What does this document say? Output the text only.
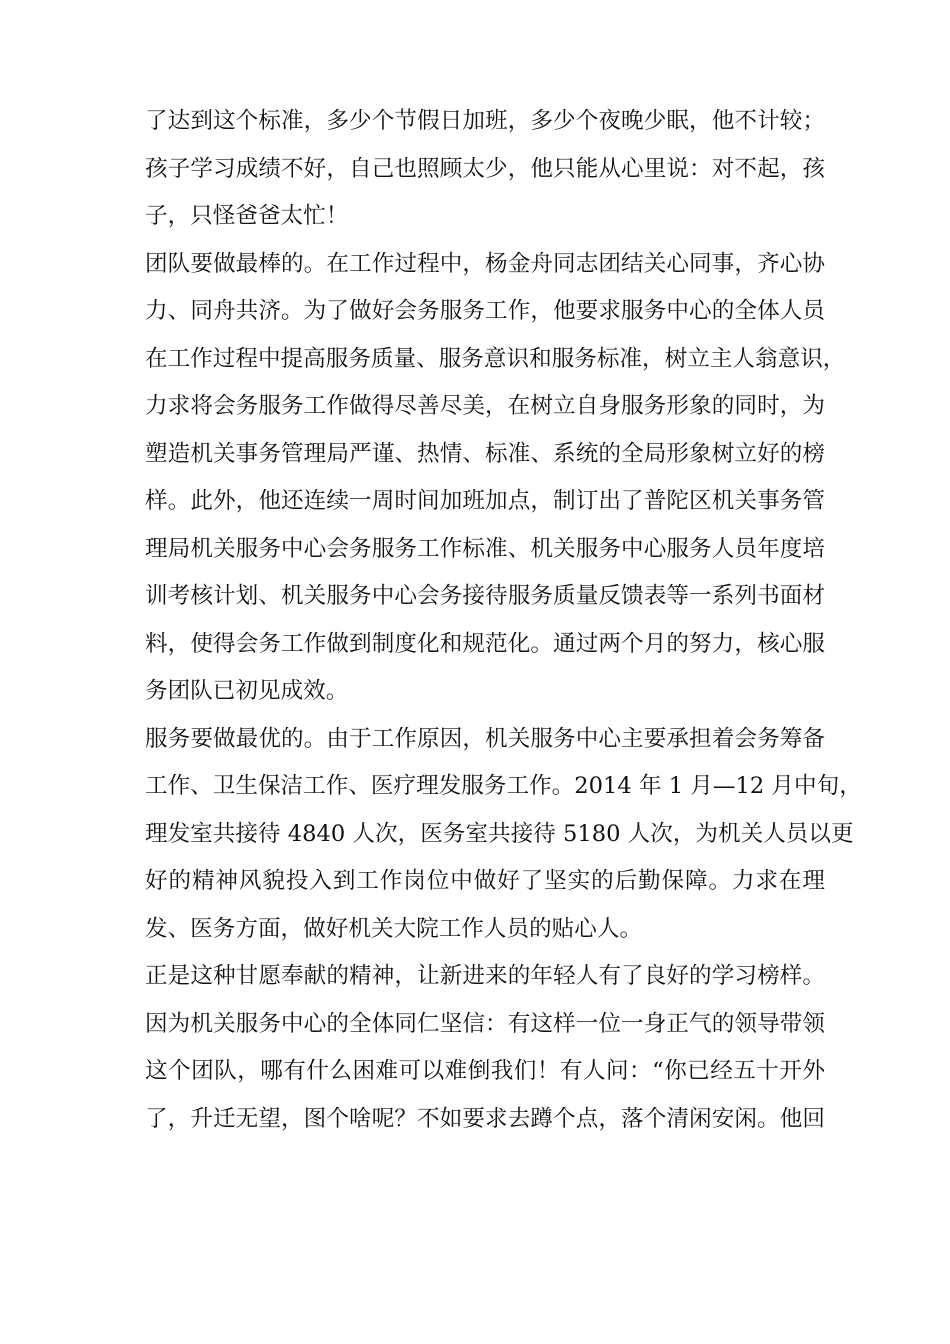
了达到这个标准，多少个节假日加班，多少个夜晚少眠，他不计较；
孩子学习成绩不好，自己也照顾太少，他只能从心里说：对不起，孩
子，只怪爸爸太忙！
团队要做最棒的。在工作过程中，杨金舟同志团结关心同事，齐心协
力、同舟共济。为了做好会务服务工作，他要求服务中心的全体人员
在工作过程中提高服务质量、服务意识和服务标准，树立主人翁意识，
力求将会务服务工作做得尽善尽美，在树立自身服务形象的同时，为
塑造机关事务管理局严谨、热情、标准、系统的全局形象树立好的榜
样。此外，他还连续一周时间加班加点，制订出了普陀区机关事务管
理局机关服务中心会务服务工作标准、机关服务中心服务人员年度培
训考核计划、机关服务中心会务接待服务质量反馈表等一系列书面材
料，使得会务工作做到制度化和规范化。通过两个月的努力，核心服
务团队已初见成效。
服务要做最优的。由于工作原因，机关服务中心主要承担着会务筹备
工作、卫生保洁工作、医疗理发服务工作。2014 年 1 月—12 月中旬，
理发室共接待 4840 人次，医务室共接待 5180 人次，为机关人员以更
好的精神风貌投入到工作岗位中做好了坚实的后勤保障。力求在理
发、医务方面，做好机关大院工作人员的贴心人。
正是这种甘愿奉献的精神，让新进来的年轻人有了良好的学习榜样。
因为机关服务中心的全体同仁坚信：有这样一位一身正气的领导带领
这个团队，哪有什么困难可以难倒我们！有人问：“你已经五十开外
了，升迁无望，图个啥呢？不如要求去蹲个点，落个清闲安闲。他回
